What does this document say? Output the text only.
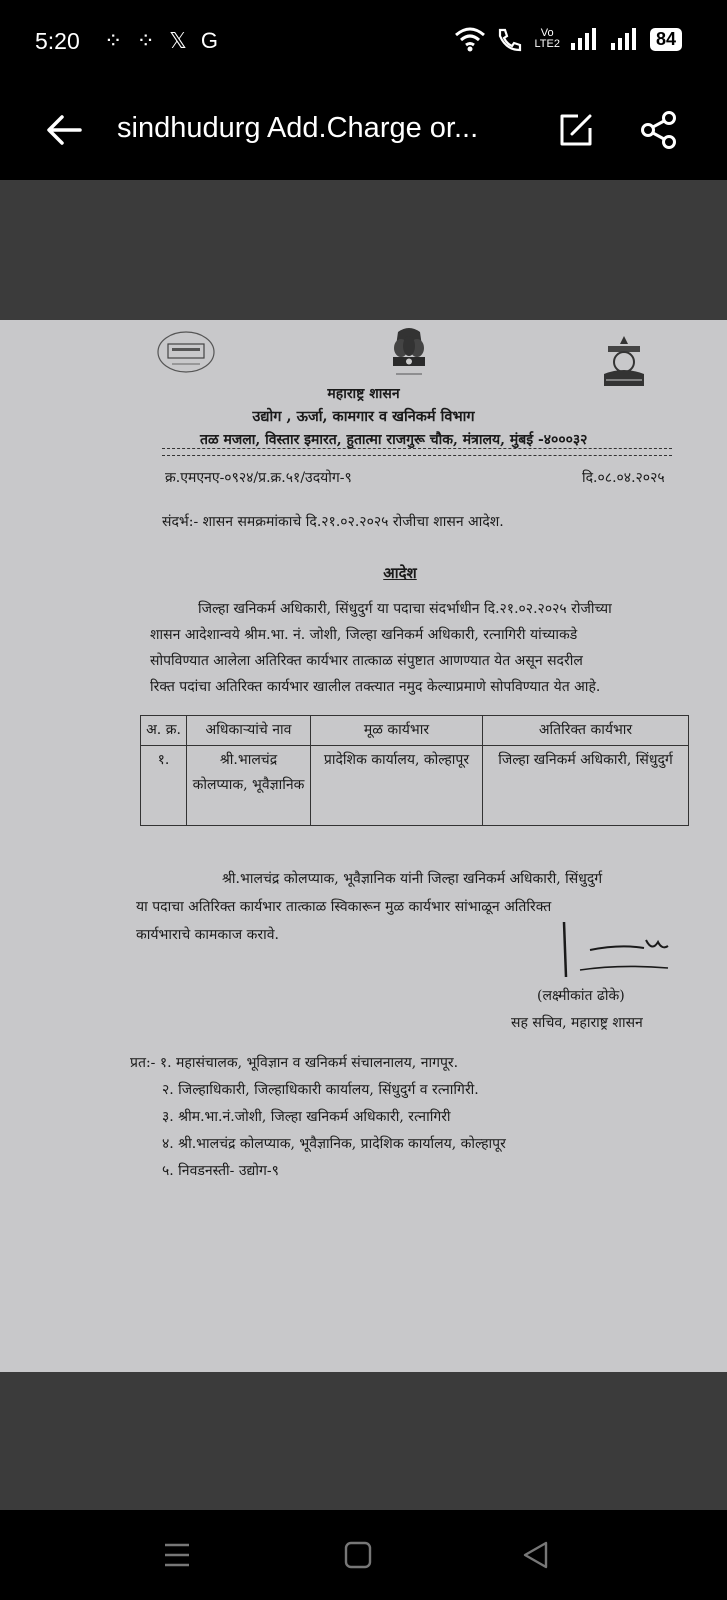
5:20 ⁘ ⁘ 𝕏 G	Vo
LTE2	84
sindhudurg Add.Charge or...
महाराष्ट्र शासन
उद्योग , ऊर्जा, कामगार व खनिकर्म विभाग
तळ मजला, विस्तार इमारत, हुतात्मा राजगुरू चौक, मंत्रालय, मुंबई -४०००३२
क्र.एमएनए-०९२४/प्र.क्र.५१/उदयोग-९	दि.०८.०४.२०२५
संदर्भ:- शासन समक्रमांकाचे दि.२१.०२.२०२५ रोजीचा शासन आदेश.
आदेश
जिल्हा खनिकर्म अधिकारी, सिंधुदुर्ग या पदाचा संदर्भाधीन दि.२१.०२.२०२५ रोजीच्या
शासन आदेशान्वये श्रीम.भा. नं. जोशी, जिल्हा खनिकर्म अधिकारी, रत्नागिरी यांच्याकडे
सोपविण्यात आलेला अतिरिक्त कार्यभार तात्काळ संपुष्टात आणण्यात येत असून सदरील
रिक्त पदांचा अतिरिक्त कार्यभार खालील तक्त्यात नमुद केल्याप्रमाणे सोपविण्यात येत आहे.
अ. क्र.	अधिकाऱ्यांचे नाव	मूळ कार्यभार	अतिरिक्त कार्यभार
१.	श्री.भालचंद्र कोलप्याक, भूवैज्ञानिक	प्रादेशिक कार्यालय, कोल्हापूर	जिल्हा खनिकर्म अधिकारी, सिंधुदुर्ग
श्री.भालचंद्र कोलप्याक, भूवैज्ञानिक यांनी जिल्हा खनिकर्म अधिकारी, सिंधुदुर्ग
या पदाचा अतिरिक्त कार्यभार तात्काळ स्विकारून मुळ कार्यभार सांभाळून अतिरिक्त
कार्यभाराचे कामकाज करावे.
(लक्ष्मीकांत ढोके)
सह सचिव, महाराष्ट्र शासन
प्रत:- १. महासंचालक, भूविज्ञान व खनिकर्म संचालनालय, नागपूर.
२. जिल्हाधिकारी, जिल्हाधिकारी कार्यालय, सिंधुदुर्ग व रत्नागिरी.
३. श्रीम.भा.नं.जोशी, जिल्हा खनिकर्म अधिकारी, रत्नागिरी
४. श्री.भालचंद्र कोलप्याक, भूवैज्ञानिक, प्रादेशिक कार्यालय, कोल्हापूर
५. निवडनस्ती- उद्योग-९
